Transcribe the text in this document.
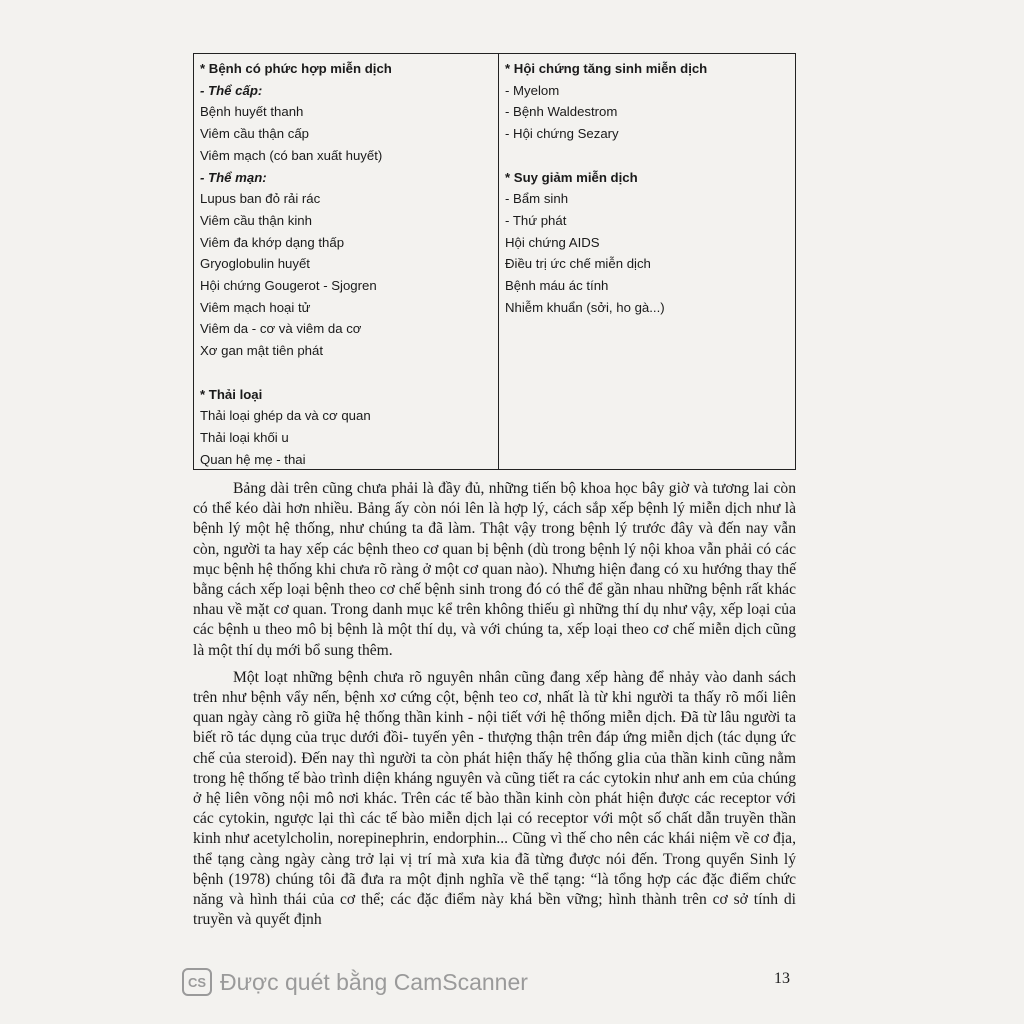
* Bệnh có phức hợp miễn dịch
- Thể cấp:
Bệnh huyết thanh
Viêm cầu thận cấp
Viêm mạch (có ban xuất huyết)
- Thể mạn:
Lupus ban đỏ rải rác
Viêm cầu thận kinh
Viêm đa khớp dạng thấp
Gryoglobulin huyết
Hội chứng Gougerot - Sjogren
Viêm mạch hoại tử
Viêm da - cơ và viêm da cơ
Xơ gan mật tiên phát
* Thải loại
Thải loại ghép da và cơ quan
Thải loại khối u
Quan hệ mẹ - thai
* Hội chứng tăng sinh miễn dịch
- Myelom
- Bệnh Waldestrom
- Hội chứng Sezary
* Suy giảm miễn dịch
- Bẩm sinh
- Thứ phát
Hội chứng AIDS
Điều trị ức chế miễn dịch
Bệnh máu ác tính
Nhiễm khuẩn (sởi, ho gà...)

Bảng dài trên cũng chưa phải là đầy đủ, những tiến bộ khoa học bây giờ và tương lai còn có thể kéo dài hơn nhiều. Bảng ấy còn nói lên là hợp lý, cách sắp xếp bệnh lý miễn dịch như là bệnh lý một hệ thống, như chúng ta đã làm. Thật vậy trong bệnh lý trước đây và đến nay vẫn còn, người ta hay xếp các bệnh theo cơ quan bị bệnh (dù trong bệnh lý nội khoa vẫn phải có các mục bệnh hệ thống khi chưa rõ ràng ở một cơ quan nào). Nhưng hiện đang có xu hướng thay thế bằng cách xếp loại bệnh theo cơ chế bệnh sinh trong đó có thể để gần nhau những bệnh rất khác nhau về mặt cơ quan. Trong danh mục kể trên không thiếu gì những thí dụ như vậy, xếp loại của các bệnh u theo mô bị bệnh là một thí dụ, và với chúng ta, xếp loại theo cơ chế miễn dịch cũng là một thí dụ mới bổ sung thêm.

Một loạt những bệnh chưa rõ nguyên nhân cũng đang xếp hàng để nhảy vào danh sách trên như bệnh vẩy nến, bệnh xơ cứng cột, bệnh teo cơ, nhất là từ khi người ta thấy rõ mối liên quan ngày càng rõ giữa hệ thống thần kinh - nội tiết với hệ thống miễn dịch. Đã từ lâu người ta biết rõ tác dụng của trục dưới đồi- tuyến yên - thượng thận trên đáp ứng miễn dịch (tác dụng ức chế của steroid). Đến nay thì người ta còn phát hiện thấy hệ thống glia của thần kinh cũng nằm trong hệ thống tế bào trình diện kháng nguyên và cũng tiết ra các cytokin như anh em của chúng ở hệ liên võng nội mô nơi khác. Trên các tế bào thần kinh còn phát hiện được các receptor với các cytokin, ngược lại thì các tế bào miễn dịch lại có receptor với một số chất dẫn truyền thần kinh như acetylcholin, norepinephrin, endorphin... Cũng vì thế cho nên các khái niệm về cơ địa, thể tạng càng ngày càng trở lại vị trí mà xưa kia đã từng được nói đến. Trong quyển Sinh lý bệnh (1978) chúng tôi đã đưa ra một định nghĩa về thể tạng: “là tổng hợp các đặc điểm chức năng và hình thái của cơ thể; các đặc điểm này khá bền vững; hình thành trên cơ sở tính di truyền và quyết định

CS Được quét bằng CamScanner	13
